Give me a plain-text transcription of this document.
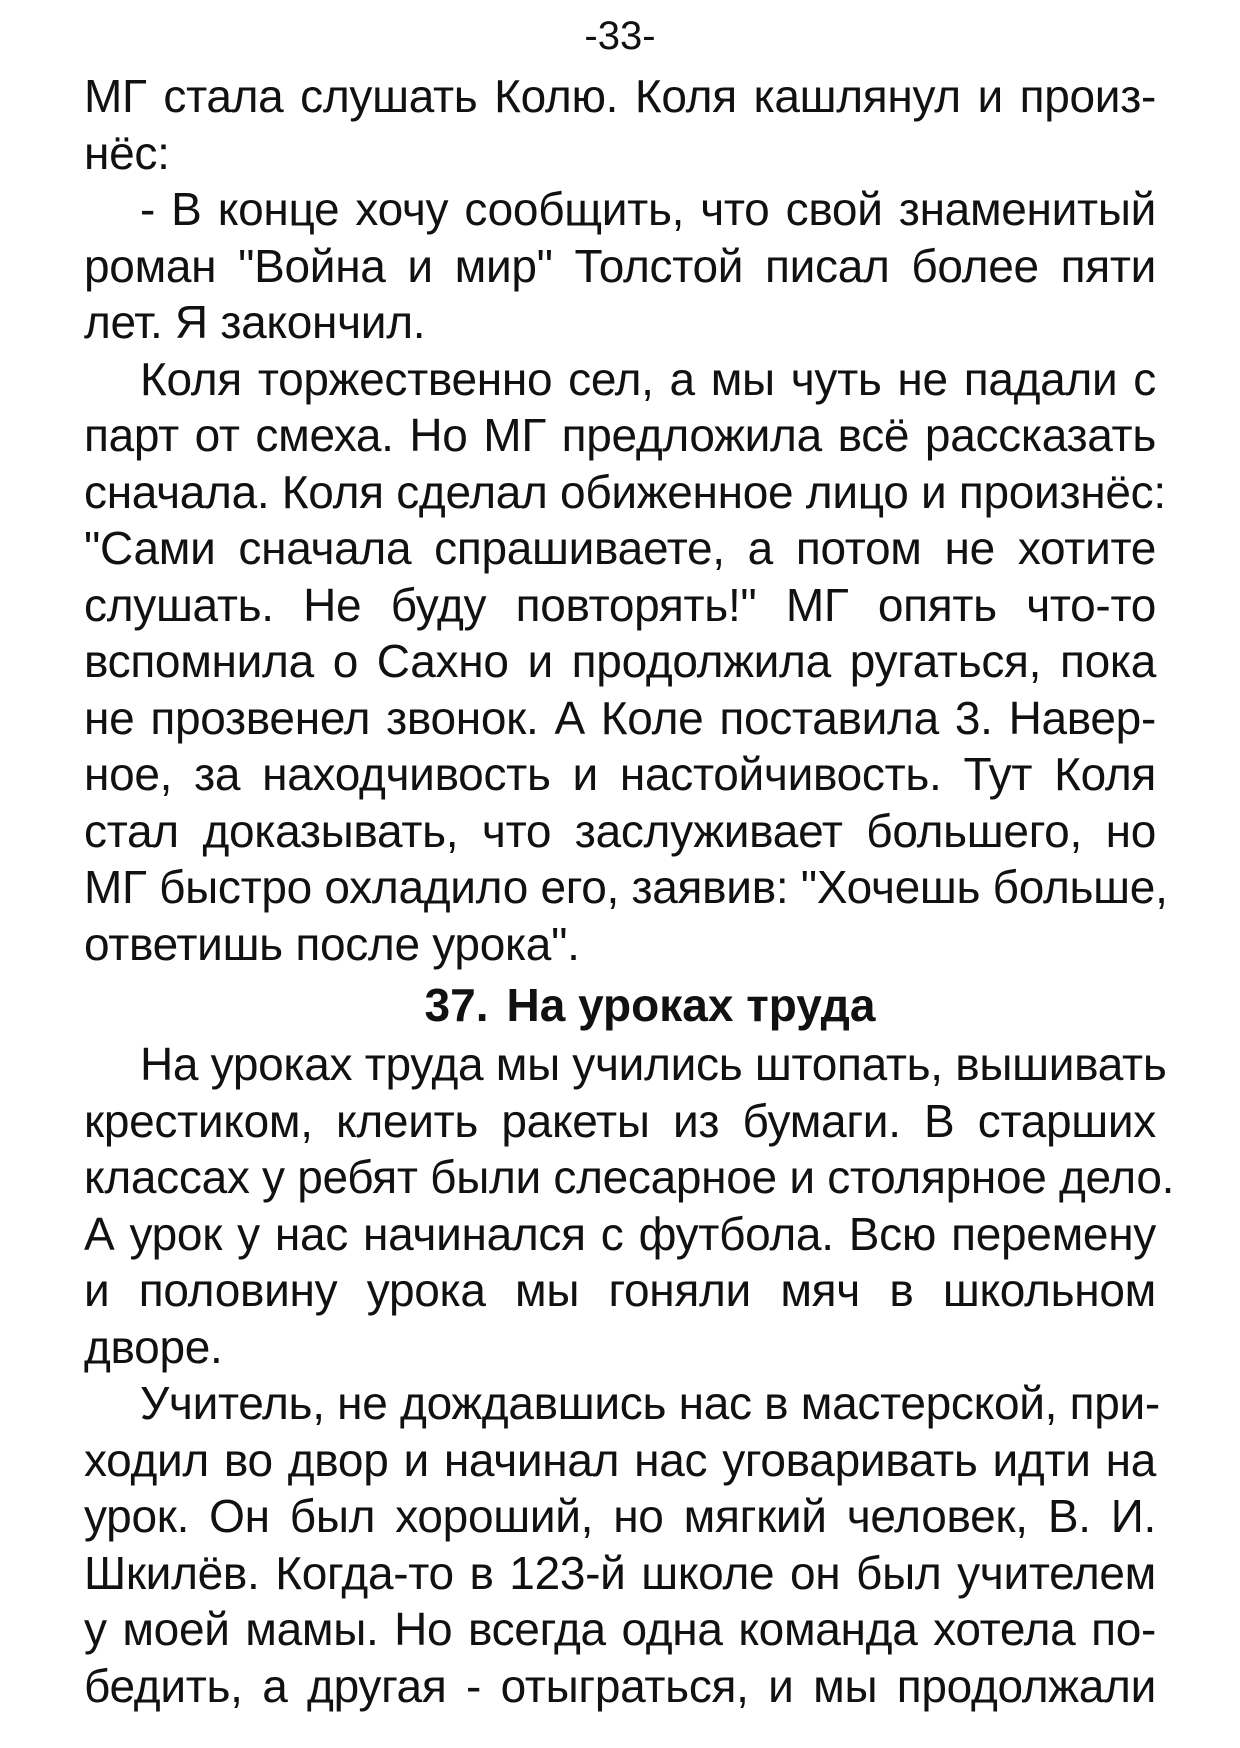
-33-
МГ стала слушать Колю. Коля кашлянул и произ-
нёс:
- В конце хочу сообщить, что свой знаменитый
роман "Война и мир" Толстой писал более пяти
лет. Я закончил.
Коля торжественно сел, а мы чуть не падали с
парт от смеха. Но МГ предложила всё рассказать
сначала. Коля сделал обиженное лицо и произнёс:
"Сами сначала спрашиваете, а потом не хотите
слушать. Не буду повторять!" МГ опять что-то
вспомнила о Сахно и продолжила ругаться, пока
не прозвенел звонок. А Коле поставила 3. Навер-
ное, за находчивость и настойчивость. Тут Коля
стал доказывать, что заслуживает большего, но
МГ быстро охладило его, заявив: "Хочешь больше,
ответишь после урока".
37. На уроках труда
На уроках труда мы учились штопать, вышивать
крестиком, клеить ракеты из бумаги. В старших
классах у ребят были слесарное и столярное дело.
А урок у нас начинался с футбола. Всю перемену
и половину урока мы гоняли мяч в школьном
дворе.
Учитель, не дождавшись нас в мастерской, при-
ходил во двор и начинал нас уговаривать идти на
урок. Он был хороший, но мягкий человек, В. И.
Шкилёв. Когда-то в 123-й школе он был учителем
у моей мамы. Но всегда одна команда хотела по-
бедить, а другая - отыграться, и мы продолжали
